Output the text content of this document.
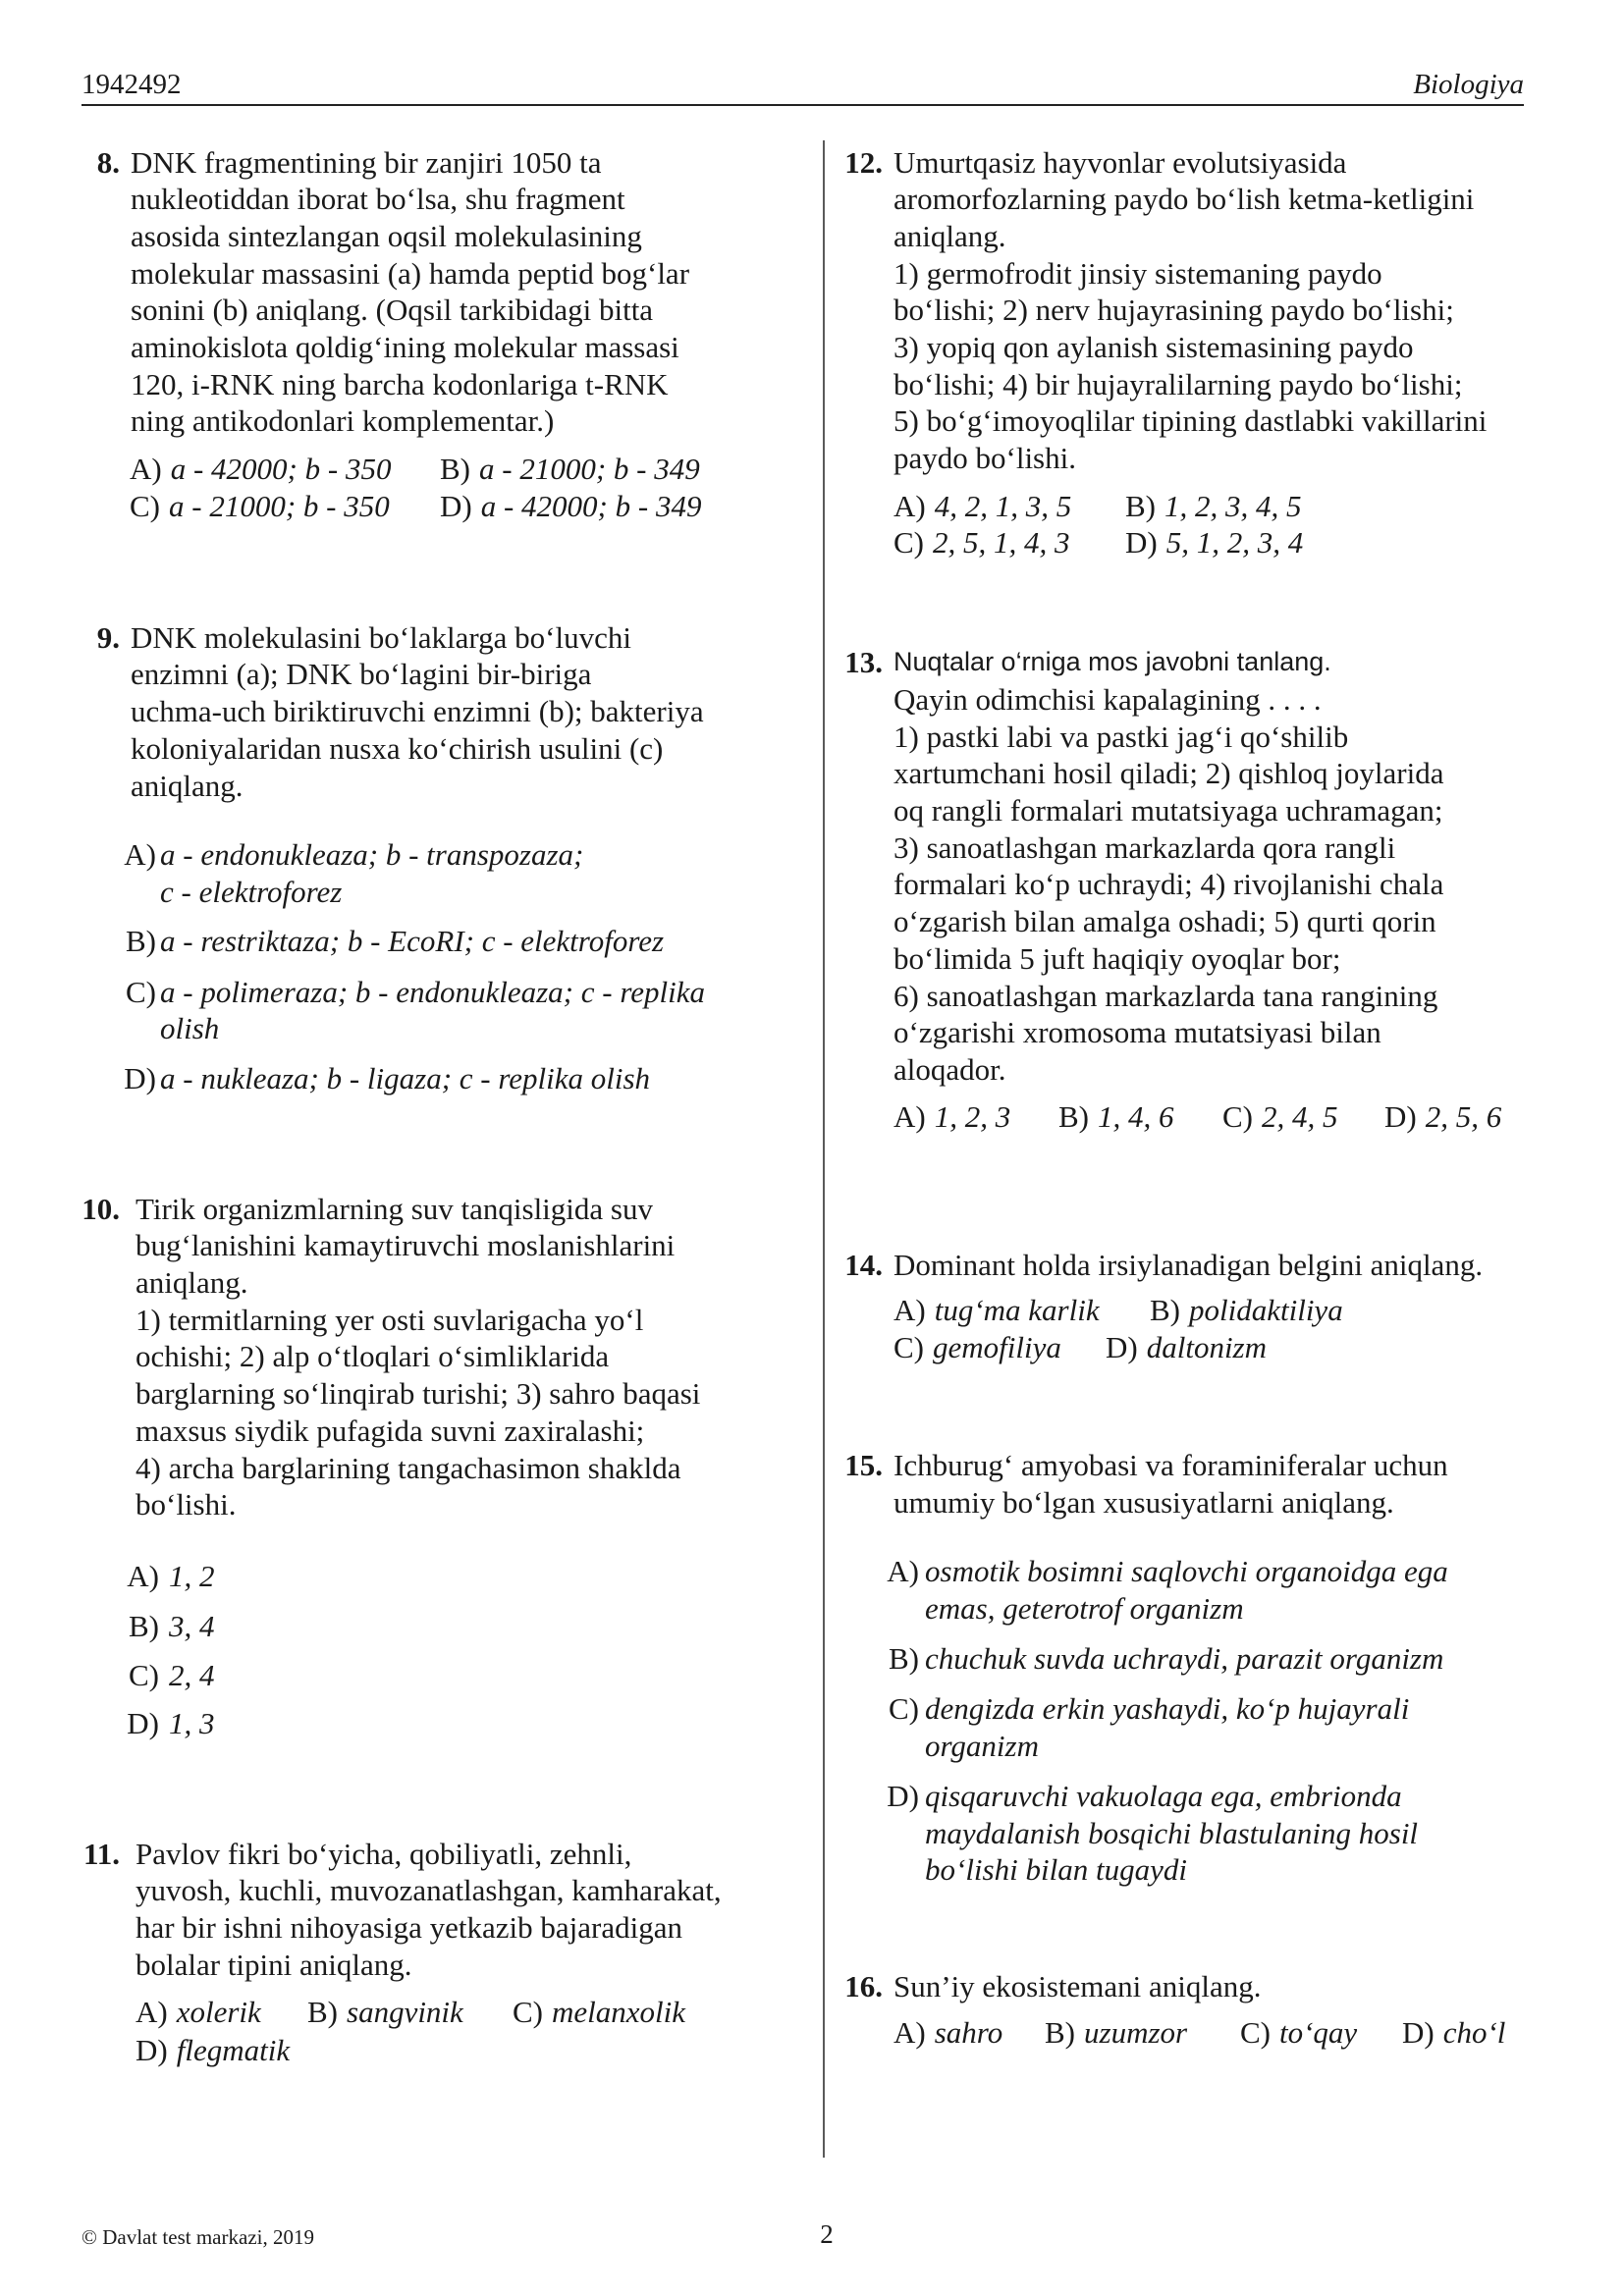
1942492	Biologiya
8. DNK fragmentining bir zanjiri 1050 ta
nukleotiddan iborat bo‘lsa, shu fragment
asosida sintezlangan oqsil molekulasining
molekular massasini (a) hamda peptid bog‘lar
sonini (b) aniqlang. (Oqsil tarkibidagi bitta
aminokislota qoldig‘ining molekular massasi
120, i-RNK ning barcha kodonlariga t-RNK
ning antikodonlari komplementar.)
A) a - 42000; b - 350 B) a - 21000; b - 349
C) a - 21000; b - 350 D) a - 42000; b - 349
9. DNK molekulasini bo‘laklarga bo‘luvchi
enzimni (a); DNK bo‘lagini bir-biriga
uchma-uch biriktiruvchi enzimni (b); bakteriya
koloniyalaridan nusxa ko‘chirish usulini (c)
aniqlang.
A) a - endonukleaza; b - transpozaza;
c - elektroforez
B) a - restriktaza; b - EcoRI; c - elektroforez
C) a - polimeraza; b - endonukleaza; c - replika
olish
D) a - nukleaza; b - ligaza; c - replika olish
10. Tirik organizmlarning suv tanqisligida suv
bug‘lanishini kamaytiruvchi moslanishlarini
aniqlang.
1) termitlarning yer osti suvlarigacha yo‘l
ochishi; 2) alp o‘tloqlari o‘simliklarida
barglarning so‘linqirab turishi; 3) sahro baqasi
maxsus siydik pufagida suvni zaxiralashi;
4) archa barglarining tangachasimon shaklda
bo‘lishi.
A) 1, 2
B) 3, 4
C) 2, 4
D) 1, 3
11. Pavlov fikri bo‘yicha, qobiliyatli, zehnli,
yuvosh, kuchli, muvozanatlashgan, kamharakat,
har bir ishni nihoyasiga yetkazib bajaradigan
bolalar tipini aniqlang.
A) xolerik B) sangvinik C) melanxolik
D) flegmatik
12. Umurtqasiz hayvonlar evolutsiyasida
aromorfozlarning paydo bo‘lish ketma-ketligini
aniqlang.
1) germofrodit jinsiy sistemaning paydo
bo‘lishi; 2) nerv hujayrasining paydo bo‘lishi;
3) yopiq qon aylanish sistemasining paydo
bo‘lishi; 4) bir hujayralilarning paydo bo‘lishi;
5) bo‘g‘imoyoqlilar tipining dastlabki vakillarini
paydo bo‘lishi.
A) 4, 2, 1, 3, 5 B) 1, 2, 3, 4, 5
C) 2, 5, 1, 4, 3 D) 5, 1, 2, 3, 4
13. Nuqtalar o‘rniga mos javobni tanlang.
Qayin odimchisi kapalagining . . . .
1) pastki labi va pastki jag‘i qo‘shilib
xartumchani hosil qiladi; 2) qishloq joylarida
oq rangli formalari mutatsiyaga uchramagan;
3) sanoatlashgan markazlarda qora rangli
formalari ko‘p uchraydi; 4) rivojlanishi chala
o‘zgarish bilan amalga oshadi; 5) qurti qorin
bo‘limida 5 juft haqiqiy oyoqlar bor;
6) sanoatlashgan markazlarda tana rangining
o‘zgarishi xromosoma mutatsiyasi bilan
aloqador.
A) 1, 2, 3 B) 1, 4, 6 C) 2, 4, 5 D) 2, 5, 6
14. Dominant holda irsiylanadigan belgini aniqlang.
A) tug‘ma karlik B) polidaktiliya
C) gemofiliya D) daltonizm
15. Ichburug‘ amyobasi va foraminiferalar uchun
umumiy bo‘lgan xususiyatlarni aniqlang.
A) osmotik bosimni saqlovchi organoidga ega
emas, geterotrof organizm
B) chuchuk suvda uchraydi, parazit organizm
C) dengizda erkin yashaydi, ko‘p hujayrali
organizm
D) qisqaruvchi vakuolaga ega, embrionda
maydalanish bosqichi blastulaning hosil
bo‘lishi bilan tugaydi
16. Sun’iy ekosistemani aniqlang.
A) sahro B) uzumzor C) to‘qay D) cho‘l
© Davlat test markazi, 2019	2
